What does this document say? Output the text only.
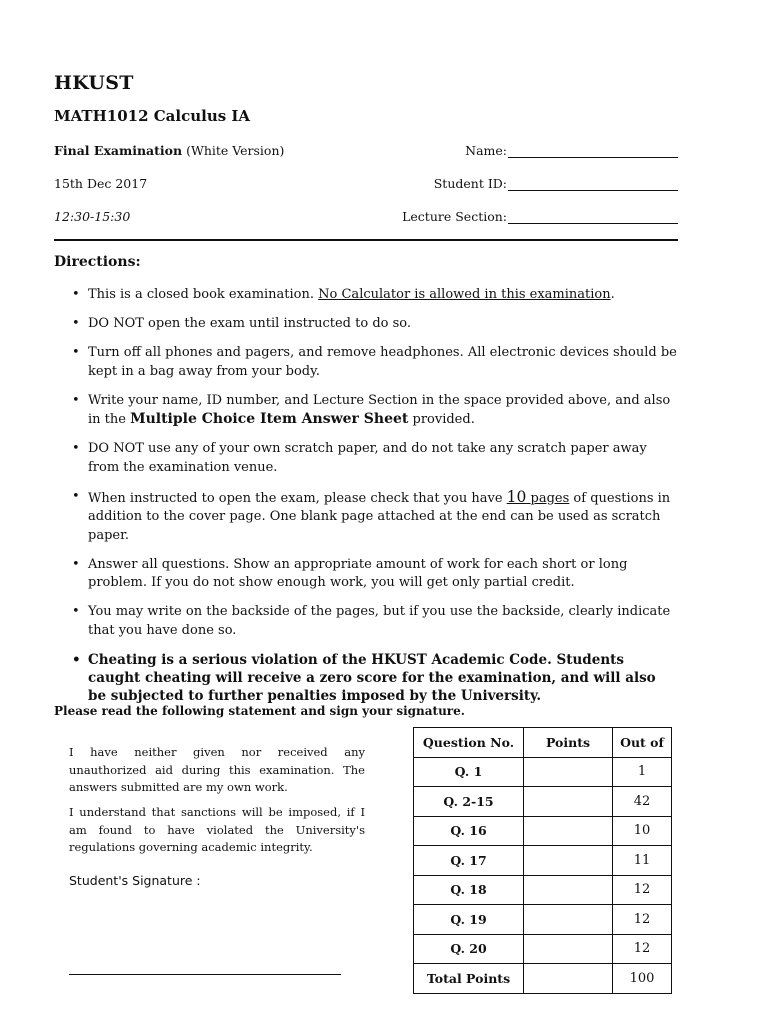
HKUST
MATH1012 Calculus IA
Final Examination (White Version)
15th Dec 2017
12:30-15:30
Name:
Student ID:
Lecture Section:
Directions:
• This is a closed book examination. No Calculator is allowed in this examination.
• DO NOT open the exam until instructed to do so.
• Turn off all phones and pagers, and remove headphones. All electronic devices should be kept in a bag away from your body.
• Write your name, ID number, and Lecture Section in the space provided above, and also in the Multiple Choice Item Answer Sheet provided.
• DO NOT use any of your own scratch paper, and do not take any scratch paper away from the examination venue.
• When instructed to open the exam, please check that you have 10 pages of questions in addition to the cover page. One blank page attached at the end can be used as scratch paper.
• Answer all questions. Show an appropriate amount of work for each short or long problem. If you do not show enough work, you will get only partial credit.
• You may write on the backside of the pages, but if you use the backside, clearly indicate that you have done so.
• Cheating is a serious violation of the HKUST Academic Code. Students caught cheating will receive a zero score for the examination, and will also be subjected to further penalties imposed by the University.
Please read the following statement and sign your signature.
I have neither given nor received any unauthorized aid during this examination. The answers submitted are my own work.
I understand that sanctions will be imposed, if I am found to have violated the University's regulations governing academic integrity.
Student's Signature :
Question No.	Points	Out of
Q. 1		1
Q. 2-15		42
Q. 16		10
Q. 17		11
Q. 18		12
Q. 19		12
Q. 20		12
Total Points		100
